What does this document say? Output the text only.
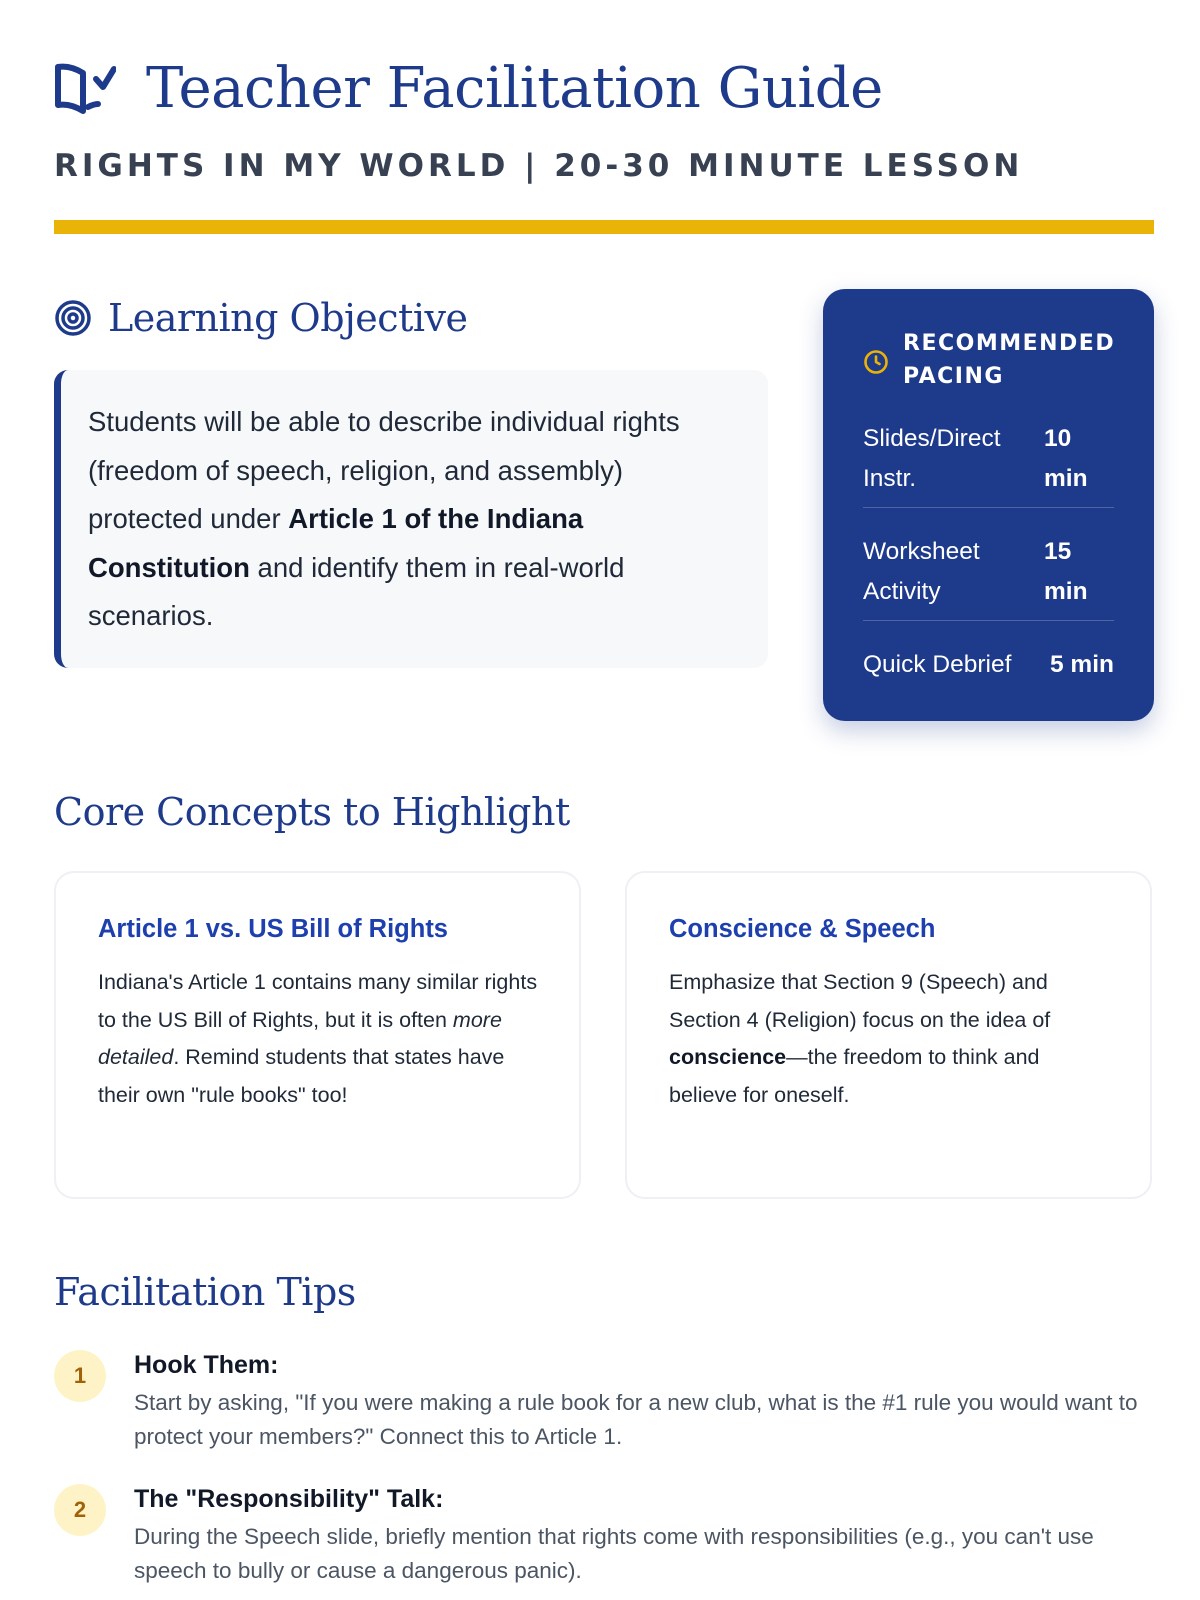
Teacher Facilitation Guide
RIGHTS IN MY WORLD | 20-30 MINUTE LESSON
Learning Objective
Students will be able to describe individual rights (freedom of speech, religion, and assembly) protected under Article 1 of the Indiana Constitution and identify them in real-world scenarios.
RECOMMENDED PACING
Slides/Direct Instr.
10 min
Worksheet Activity
15 min
Quick Debrief 5 min
Core Concepts to Highlight
Article 1 vs. US Bill of Rights
Indiana's Article 1 contains many similar rights to the US Bill of Rights, but it is often more detailed. Remind students that states have their own "rule books" too!
Conscience & Speech
Emphasize that Section 9 (Speech) and Section 4 (Religion) focus on the idea of conscience—the freedom to think and believe for oneself.
Facilitation Tips
1	Hook Them:
Start by asking, "If you were making a rule book for a new club, what is the #1 rule you would want to protect your members?" Connect this to Article 1.
2	The "Responsibility" Talk:
During the Speech slide, briefly mention that rights come with responsibilities (e.g., you can't use speech to bully or cause a dangerous panic).
